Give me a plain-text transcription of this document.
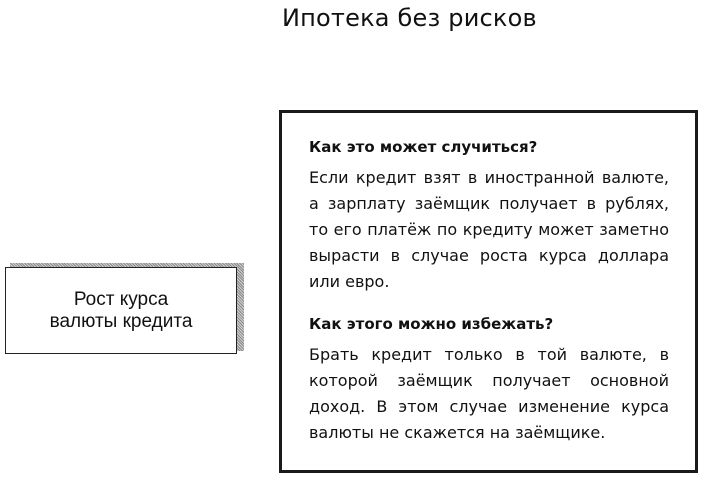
Ипотека без рисков
Рост курса
валюты кредита
Как это может случиться?

Если кредит взят в иностранной валюте, а зарплату заёмщик получает в рублях, то его платёж по кредиту может заметно вырасти в случае роста курса доллара или евро.

Как этого можно избежать?

Брать кредит только в той валюте, в которой заёмщик получает основной доход. В этом случае изменение курса валюты не скажется на заёмщике.
